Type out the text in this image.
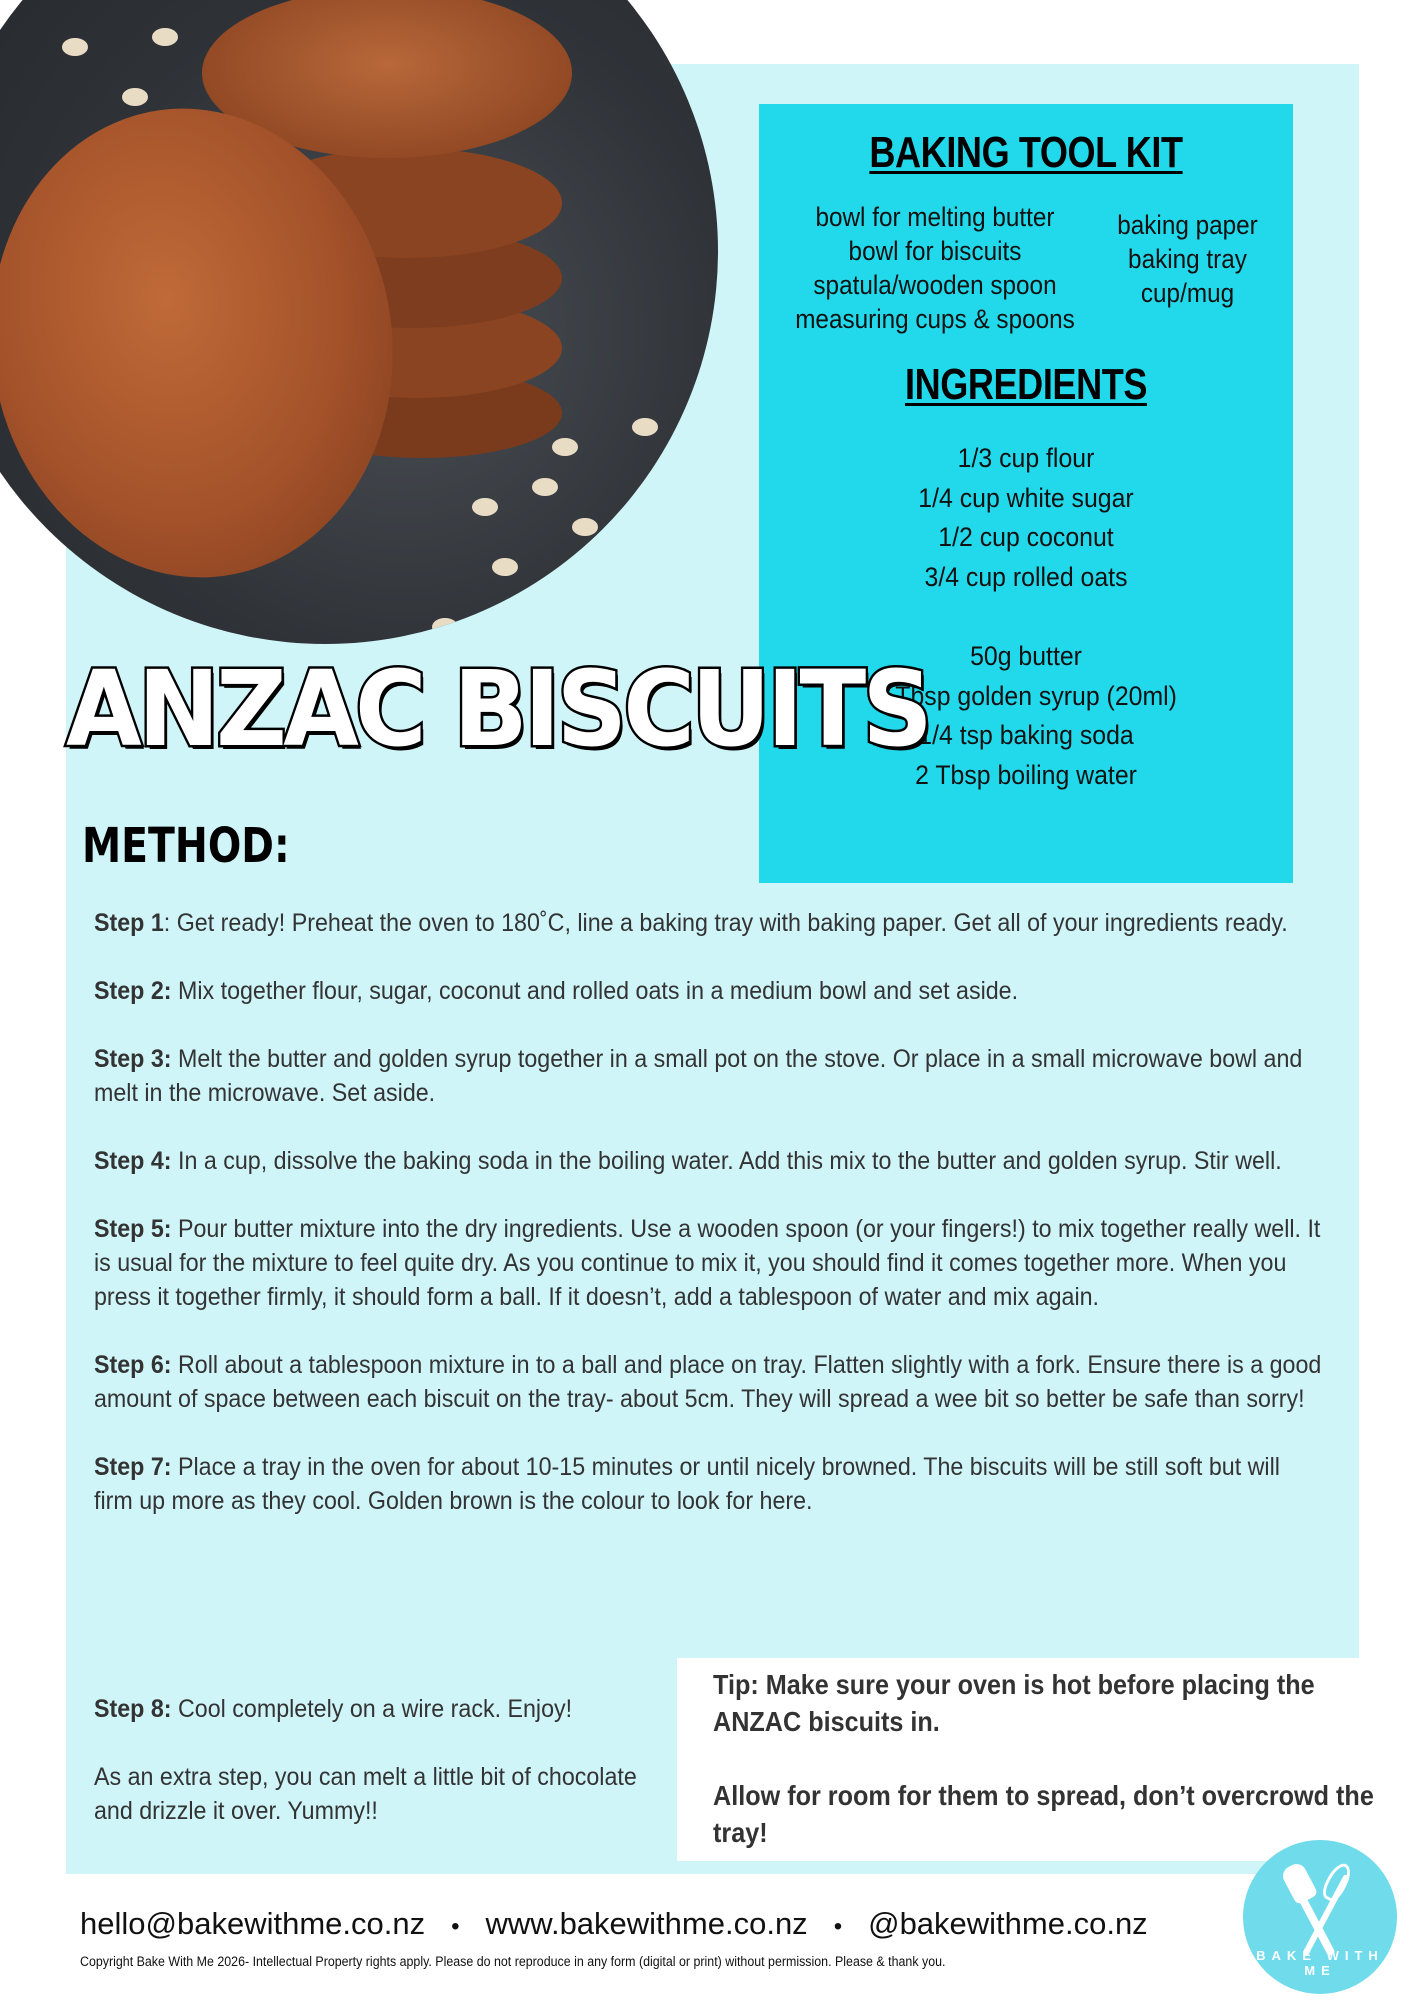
BAKING TOOL KIT
bowl for melting butter
bowl for biscuits
spatula/wooden spoon
measuring cups & spoons
baking paper
baking tray
cup/mug
INGREDIENTS
1/3 cup flour
1/4 cup white sugar
1/2 cup coconut
3/4 cup rolled oats
50g butter
1 Tbsp golden syrup (20ml)
1/4 tsp baking soda
2 Tbsp boiling water
ANZAC BISCUITS
METHOD:
Step 1: Get ready! Preheat the oven to 180˚C, line a baking tray with baking paper. Get all of your ingredients ready.
Step 2: Mix together flour, sugar, coconut and rolled oats in a medium bowl and set aside.
Step 3: Melt the butter and golden syrup together in a small pot on the stove. Or place in a small microwave bowl and melt in the microwave. Set aside.
Step 4: In a cup, dissolve the baking soda in the boiling water. Add this mix to the butter and golden syrup. Stir well.
Step 5: Pour butter mixture into the dry ingredients. Use a wooden spoon (or your fingers!) to mix together really well. It is usual for the mixture to feel quite dry. As you continue to mix it, you should find it comes together more. When you press it together firmly, it should form a ball. If it doesn’t, add a tablespoon of water and mix again.
Step 6: Roll about a tablespoon mixture in to a ball and place on tray. Flatten slightly with a fork. Ensure there is a good amount of space between each biscuit on the tray- about 5cm. They will spread a wee bit so better be safe than sorry!
Step 7: Place a tray in the oven for about 10-15 minutes or until nicely browned. The biscuits will be still soft but will firm up more as they cool. Golden brown is the colour to look for here.

Tip: Make sure your oven is hot before placing the ANZAC biscuits in.

Allow for room for them to spread, don’t overcrowd the tray!

Step 8: Cool completely on a wire rack. Enjoy!
As an extra step, you can melt a little bit of chocolate and drizzle it over. Yummy!!
hello@bakewithme.co.nz • www.bakewithme.co.nz • @bakewithme.co.nz
Copyright Bake With Me 2026- Intellectual Property rights apply. Please do not reproduce in any form (digital or print) without permission. Please & thank you.	BAKE WITH ME
